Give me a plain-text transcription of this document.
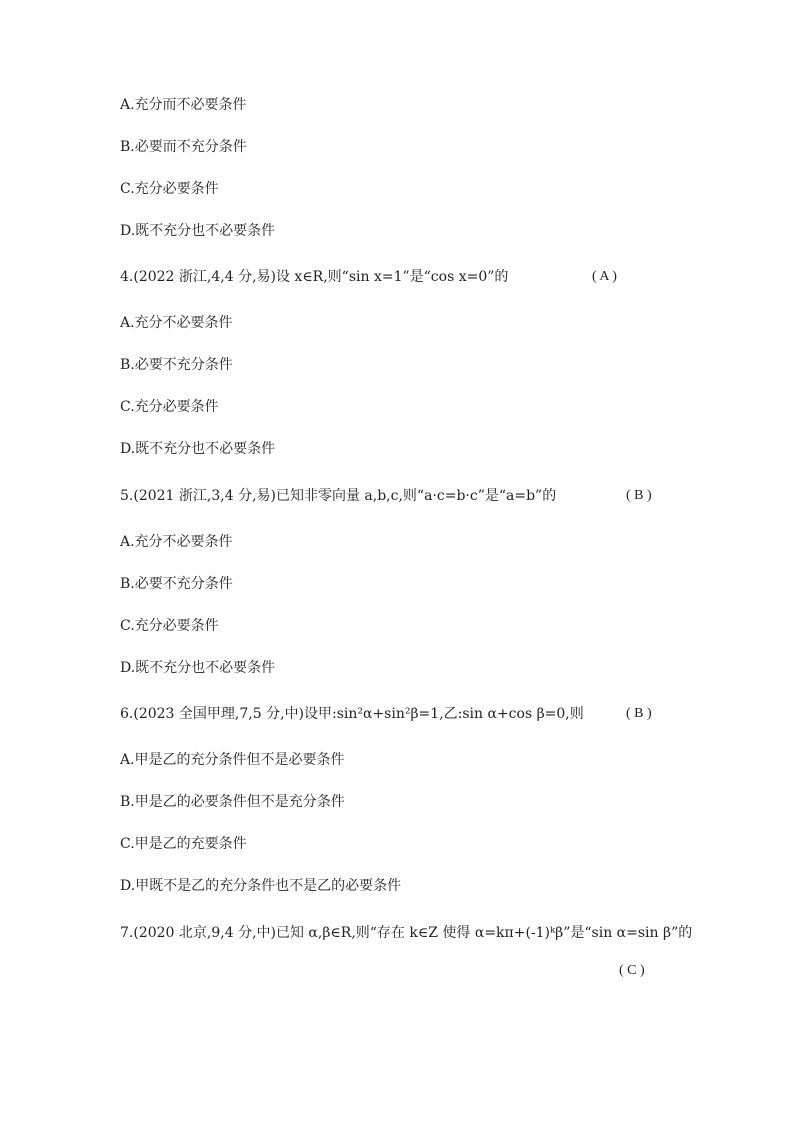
A.充分而不必要条件
B.必要而不充分条件
C.充分必要条件
D.既不充分也不必要条件
4.(2022 浙江,4,4 分,易)设 x∈R,则“sin x=1”是“cos x=0”的	( A )
A.充分不必要条件
B.必要不充分条件
C.充分必要条件
D.既不充分也不必要条件
5.(2021 浙江,3,4 分,易)已知非零向量 a,b,c,则“a·c=b·c”是“a=b”的	( B )
A.充分不必要条件
B.必要不充分条件
C.充分必要条件
D.既不充分也不必要条件
6.(2023 全国甲理,7,5 分,中)设甲:sin²α+sin²β=1,乙:sin α+cos β=0,则	( B )
A.甲是乙的充分条件但不是必要条件
B.甲是乙的必要条件但不是充分条件
C.甲是乙的充要条件
D.甲既不是乙的充分条件也不是乙的必要条件
7.(2020 北京,9,4 分,中)已知 α,β∈R,则“存在 k∈Z 使得 α=kπ+(-1)ᵏβ”是“sin α=sin β”的
( C )
